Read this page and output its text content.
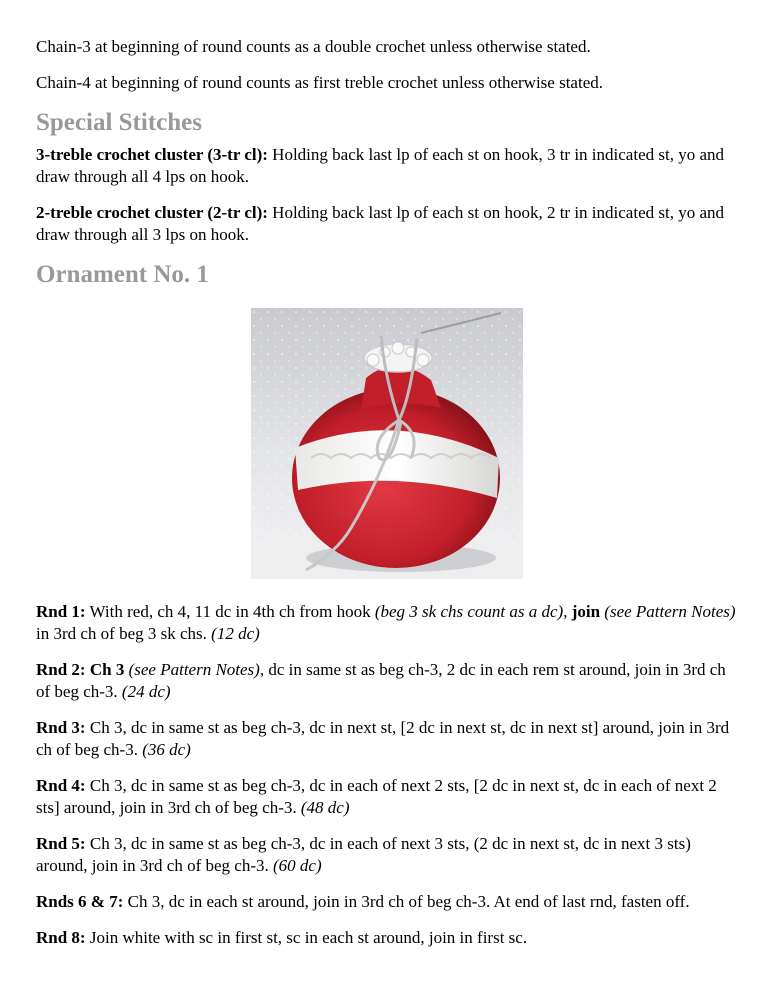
Chain-3 at beginning of round counts as a double crochet unless otherwise stated.

Chain-4 at beginning of round counts as first treble crochet unless otherwise stated.

Special Stitches

3-treble crochet cluster (3-tr cl): Holding back last lp of each st on hook, 3 tr in indicated st, yo and draw through all 4 lps on hook.

2-treble crochet cluster (2-tr cl): Holding back last lp of each st on hook, 2 tr in indicated st, yo and draw through all 3 lps on hook.

Ornament No. 1

Rnd 1: With red, ch 4, 11 dc in 4th ch from hook (beg 3 sk chs count as a dc), join (see Pattern Notes) in 3rd ch of beg 3 sk chs. (12 dc)

Rnd 2: Ch 3 (see Pattern Notes), dc in same st as beg ch-3, 2 dc in each rem st around, join in 3rd ch of beg ch-3. (24 dc)

Rnd 3: Ch 3, dc in same st as beg ch-3, dc in next st, [2 dc in next st, dc in next st] around, join in 3rd ch of beg ch-3. (36 dc)

Rnd 4: Ch 3, dc in same st as beg ch-3, dc in each of next 2 sts, [2 dc in next st, dc in each of next 2 sts] around, join in 3rd ch of beg ch-3. (48 dc)

Rnd 5: Ch 3, dc in same st as beg ch-3, dc in each of next 3 sts, (2 dc in next st, dc in next 3 sts) around, join in 3rd ch of beg ch-3. (60 dc)

Rnds 6 & 7: Ch 3, dc in each st around, join in 3rd ch of beg ch-3. At end of last rnd, fasten off.

Rnd 8: Join white with sc in first st, sc in each st around, join in first sc.
